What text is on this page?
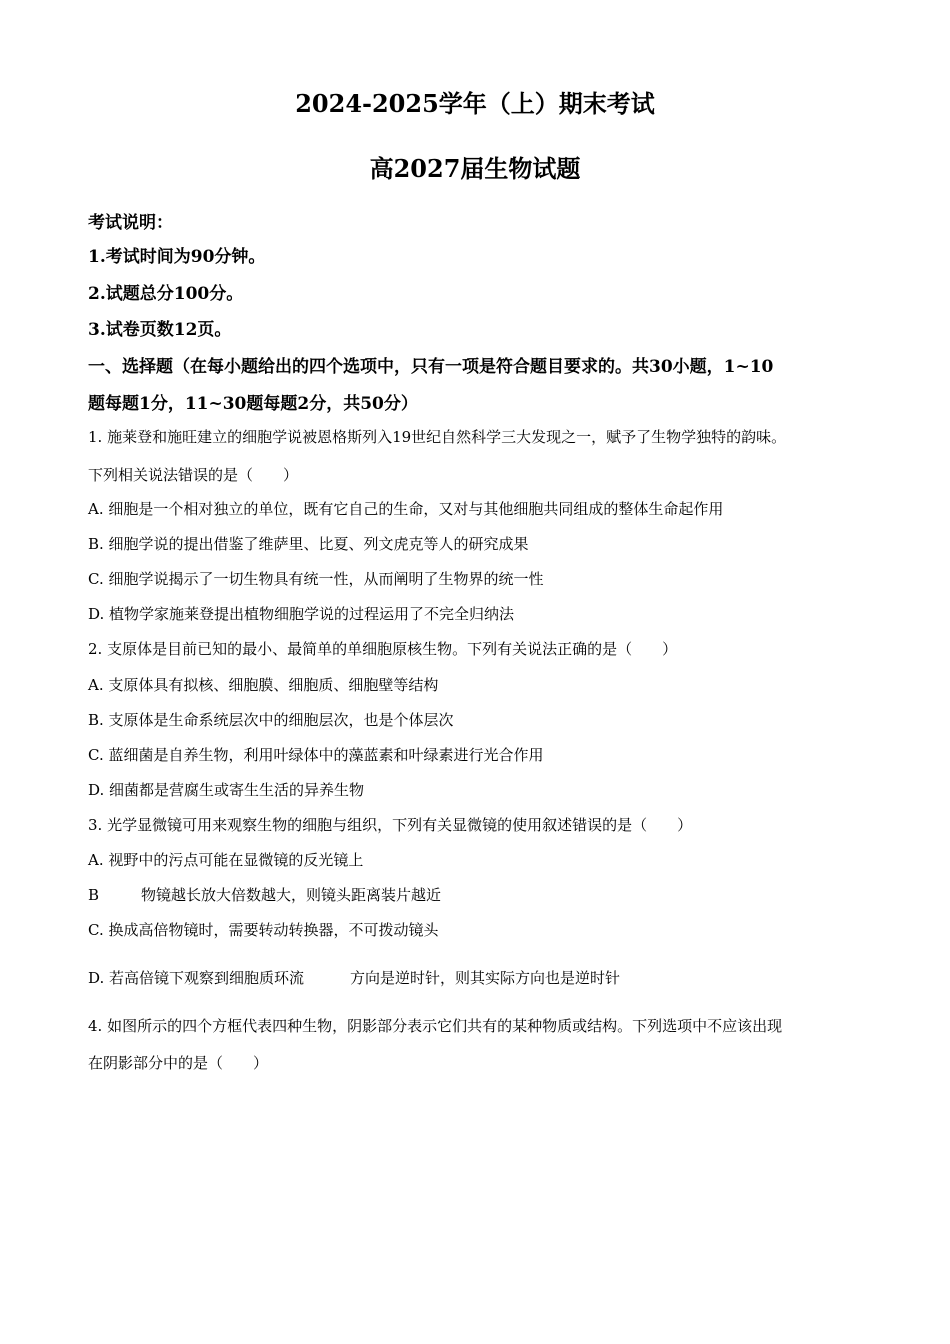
2024-2025学年（上）期末考试
高2027届生物试题
考试说明：
1.考试时间为90分钟。
2.试题总分100分。
3.试卷页数12页。
一、选择题（在每小题给出的四个选项中，只有一项是符合题目要求的。共30小题，1~10
题每题1分，11~30题每题2分，共50分）
1. 施莱登和施旺建立的细胞学说被恩格斯列入19世纪自然科学三大发现之一，赋予了生物学独特的韵味。
下列相关说法错误的是（　　）
A. 细胞是一个相对独立的单位，既有它自己的生命，又对与其他细胞共同组成的整体生命起作用
B. 细胞学说的提出借鉴了维萨里、比夏、列文虎克等人的研究成果
C. 细胞学说揭示了一切生物具有统一性，从而阐明了生物界的统一性
D. 植物学家施莱登提出植物细胞学说的过程运用了不完全归纳法
2. 支原体是目前已知的最小、最简单的单细胞原核生物。下列有关说法正确的是（　　）
A. 支原体具有拟核、细胞膜、细胞质、细胞壁等结构
B. 支原体是生命系统层次中的细胞层次，也是个体层次
C. 蓝细菌是自养生物，利用叶绿体中的藻蓝素和叶绿素进行光合作用
D. 细菌都是营腐生或寄生生活的异养生物
3. 光学显微镜可用来观察生物的细胞与组织，下列有关显微镜的使用叙述错误的是（　　）
A. 视野中的污点可能在显微镜的反光镜上
B	物镜越长放大倍数越大，则镜头距离装片越近
C. 换成高倍物镜时，需要转动转换器，不可拨动镜头
D. 若高倍镜下观察到细胞质环流	方向是逆时针，则其实际方向也是逆时针
4. 如图所示的四个方框代表四种生物，阴影部分表示它们共有的某种物质或结构。下列选项中不应该出现
在阴影部分中的是（　　）
